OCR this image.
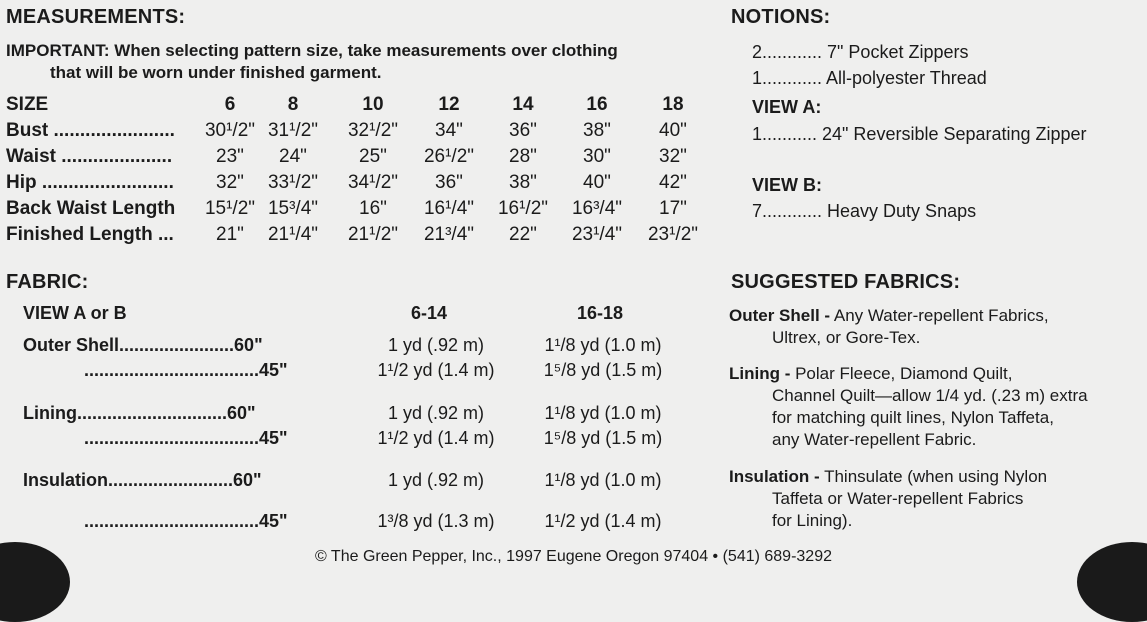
MEASUREMENTS:
IMPORTANT: When selecting pattern size, take measurements over clothing
that will be worn under finished garment.
SIZE	6	8	10	12	14	16	18
Bust .......................	30¹/2" 31¹/2"	32¹/2"	34"	36"	38"	40"
Waist .....................	23"	24"	25"	26¹/2"	28"	30"	32"
Hip .........................	32"	33¹/2"	34¹/2"	36"	38"	40"	42"
Back Waist Length	15¹/2" 15³/4"	16"	16¹/4"	16¹/2"	16³/4"	17"
Finished Length ...	21"	21¹/4"	21¹/2"	21³/4"	22"	23¹/4"	23¹/2"
FABRIC:
VIEW A or B	6-14	16-18
Outer Shell.......................60"	1 yd (.92 m)	1¹/8 yd (1.0 m)
...................................45"	1¹/2 yd (1.4 m)	1⁵/8 yd (1.5 m)
Lining..............................60"	1 yd (.92 m)	1¹/8 yd (1.0 m)
...................................45"	1¹/2 yd (1.4 m)	1⁵/8 yd (1.5 m)
Insulation.........................60"	1 yd (.92 m)	1¹/8 yd (1.0 m)
...................................45"	1³/8 yd (1.3 m)	1¹/2 yd (1.4 m)
NOTIONS:
2............ 7" Pocket Zippers
1............ All-polyester Thread
VIEW A:
1........... 24" Reversible Separating Zipper
VIEW B:
7............ Heavy Duty Snaps
SUGGESTED FABRICS:
Outer Shell - Any Water-repellent Fabrics,
Ultrex, or Gore-Tex.
Lining - Polar Fleece, Diamond Quilt,
Channel Quilt—allow 1/4 yd. (.23 m) extra
for matching quilt lines, Nylon Taffeta,
any Water-repellent Fabric.
Insulation - Thinsulate (when using Nylon
Taffeta or Water-repellent Fabrics
for Lining).
© The Green Pepper, Inc., 1997 Eugene Oregon 97404 • (541) 689-3292
